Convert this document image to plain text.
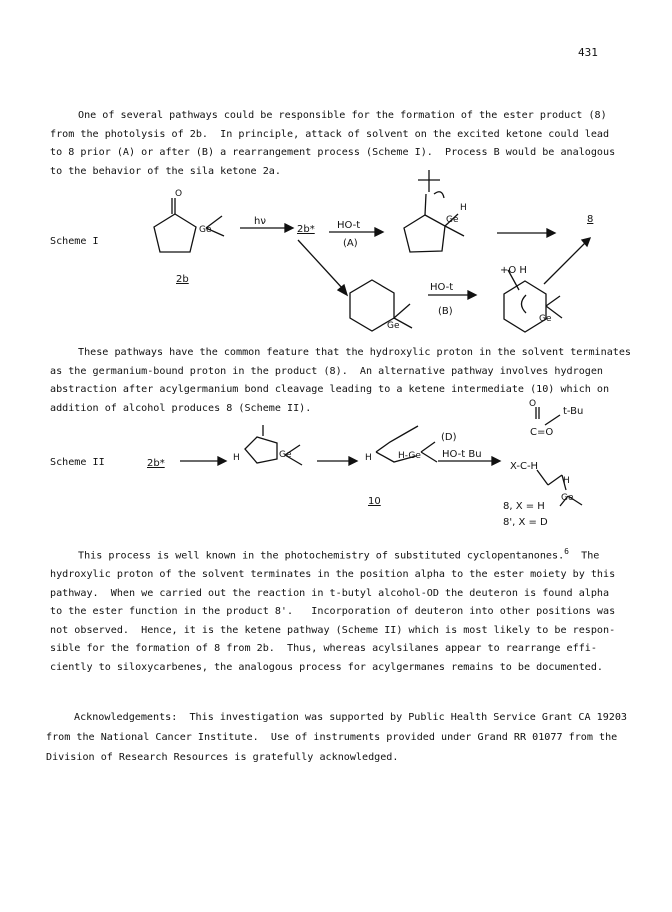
431
One of several pathways could be responsible for the formation of the ester product (8)
from the photolysis of 2b.  In principle, attack of solvent on the excited ketone could lead
to 8 prior (A) or after (B) a rearrangement process (Scheme I).  Process B would be analogous
to the behavior of the sila ketone 2a.
Scheme I
These pathways have the common feature that the hydroxylic proton in the solvent terminates
as the germanium-bound proton in the product (8).  An alternative pathway involves hydrogen
abstraction after acylgermanium bond cleavage leading to a ketene intermediate (10) which on
addition of alcohol produces 8 (Scheme II).
Scheme II
This process is well known in the photochemistry of substituted cyclopentanones.$^6$  The
hydroxylic proton of the solvent terminates in the position alpha to the ester moiety by this
pathway.  When we carried out the reaction in t-butyl alcohol-OD the deuteron is found alpha
to the ester function in the product 8'.   Incorporation of deuteron into other positions was
not observed.  Hence, it is the ketene pathway (Scheme II) which is most likely to be respon-
sible for the formation of 8 from 2b.  Thus, whereas acylsilanes appear to rearrange effi-
ciently to siloxycarbenes, the analogous process for acylgermanes remains to be documented.
Acknowledgements:  This investigation was supported by Public Health Service Grant CA 19203
from the National Cancer Institute.  Use of instruments provided under Grand RR 01077 from the
Division of Research Resources is gratefully acknowledged.
2b
Ge
O
hν
2b* HO-t
(A)
Ge
H
8
Ge
HO-t
(B)
+O H
Ge
2b*	H	Ge	H	H-Ge
10
(D)
HO-t Bu
O
t-Bu
C=O
X-C-H
H
Ge
8, X = H
8', X = D
